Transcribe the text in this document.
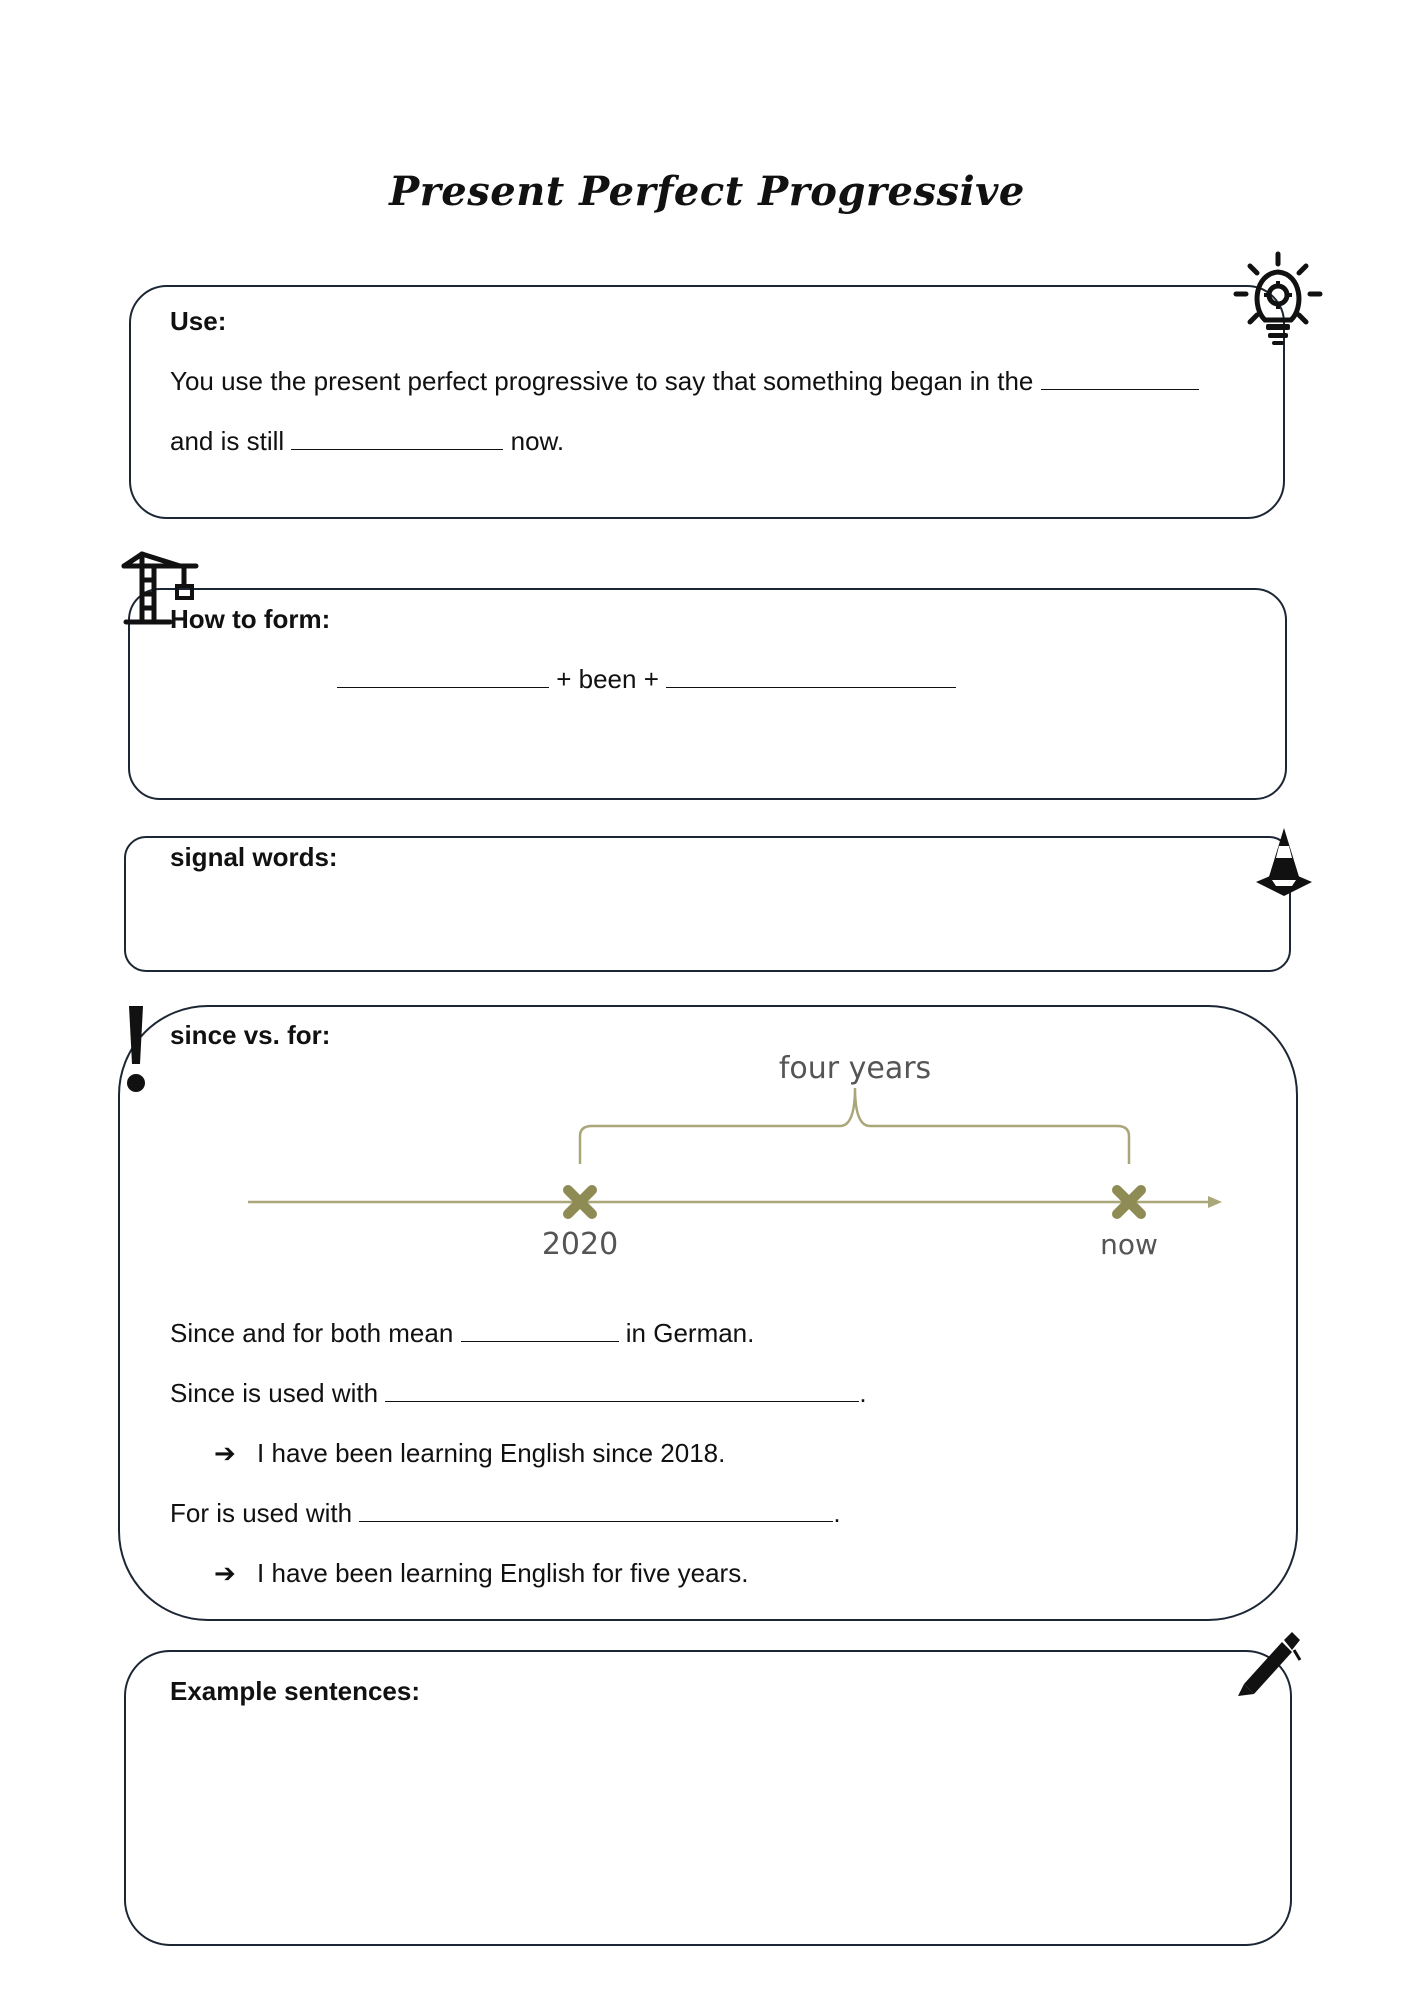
Present Perfect Progressive
Use:
You use the present perfect progressive to say that something began in the
and is still	now.
How to form:
+ been +
signal words:
since vs. for:
four years
2020	now
Since and for both mean	in German.
Since is used with	.
➔ I have been learning English since 2018.
For is used with	.
➔ I have been learning English for five years.
Example sentences:
